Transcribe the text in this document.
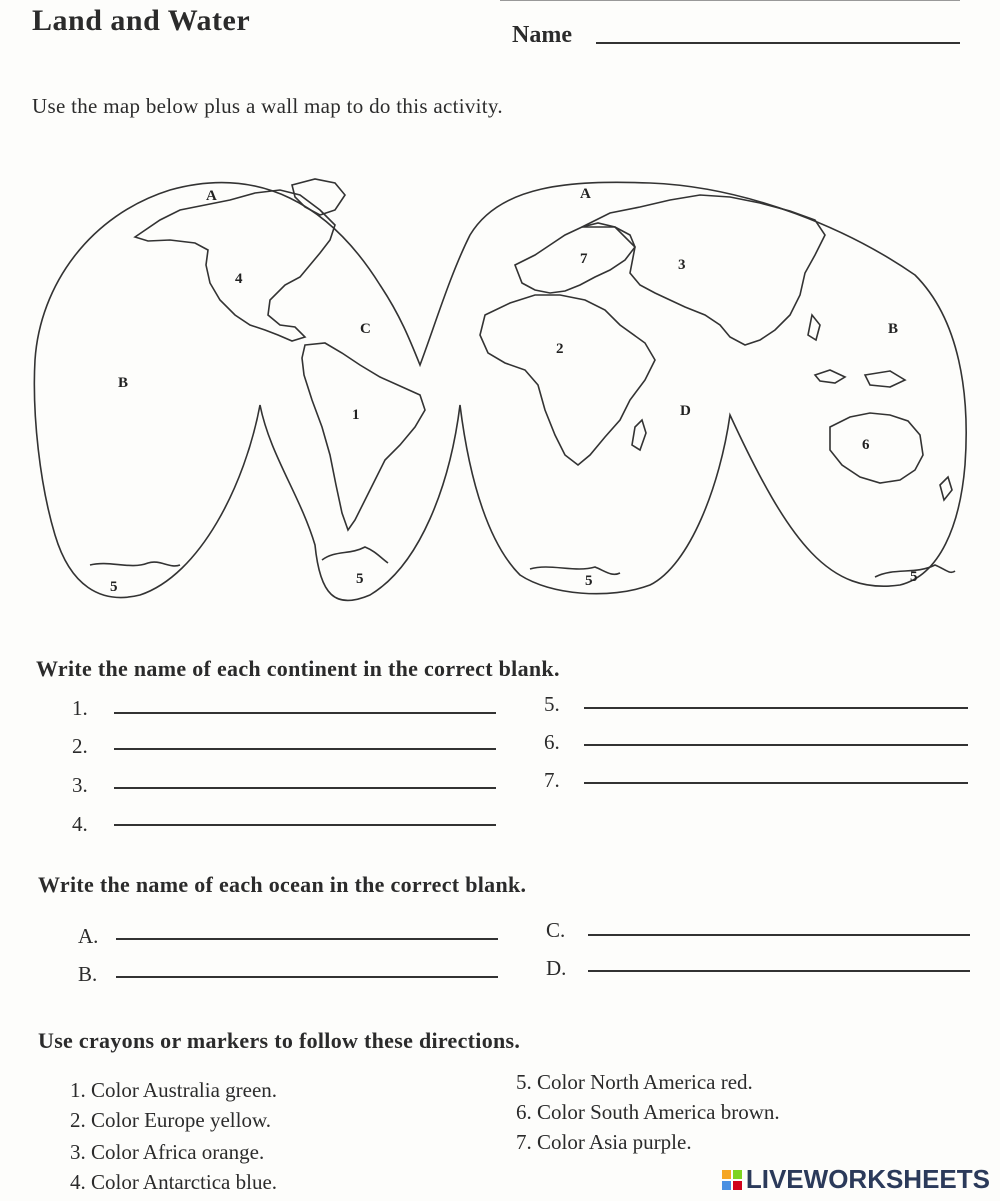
Land and Water	Name
Use the map below plus a wall map to do this activity.
A	A
B
B
C
D
1
2
3
4
5	5	5	5
6
7
Write the name of each continent in the correct blank.
1.
2.
3.
4.
5.
6.
7.
Write the name of each ocean in the correct blank.
A.
B.
C.
D.
Use crayons or markers to follow these directions.
1. Color Australia green.
2. Color Europe yellow.
3. Color Africa orange.
4. Color Antarctica blue.
5. Color North America red.
6. Color South America brown.
7. Color Asia purple.
LIVEWORKSHEETS
